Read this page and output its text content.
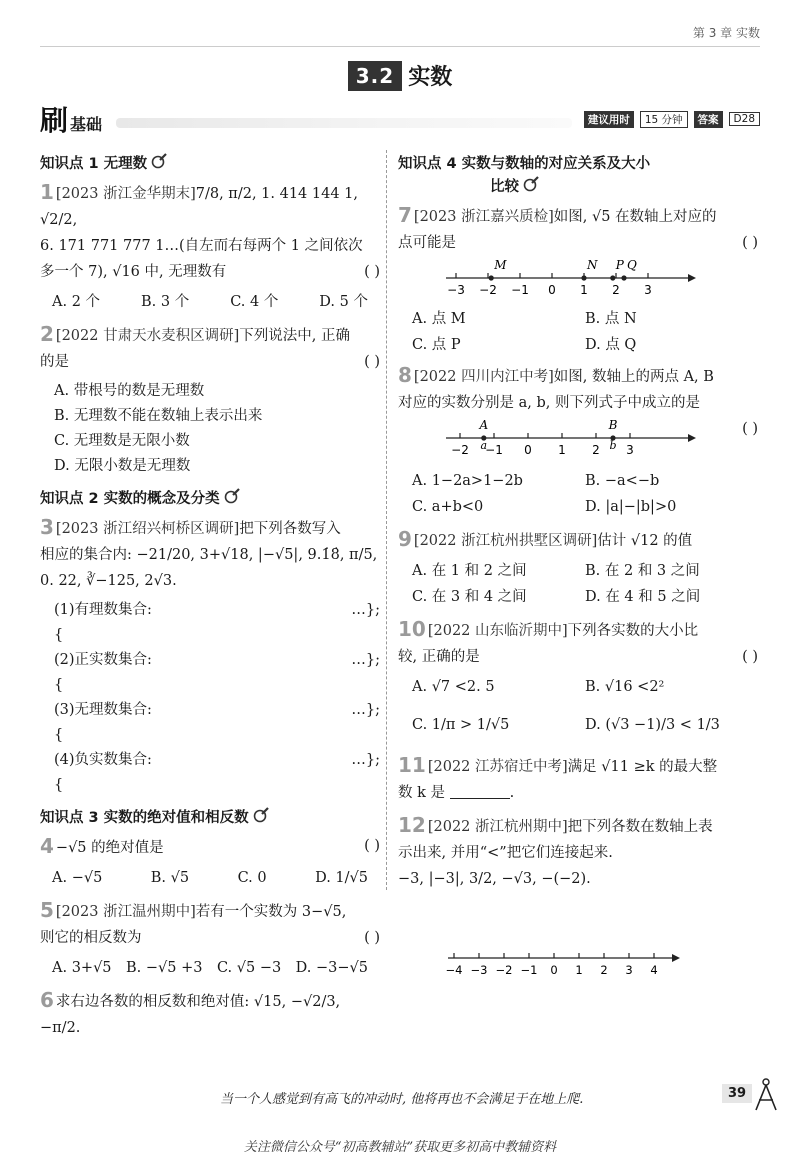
第 3 章 实数
3.2 实数
刷 基础	建议用时	15 分钟	答案	D28
知识点 1 无理数
1 [2023 浙江金华期末]7/8, π/2, 1. 414 144 1, √2/2,
6. 171 771 777 1…(自左而右每两个 1 之间依次
多一个 7), √16 中, 无理数有	( )
A. 2 个	B. 3 个	C. 4 个	D. 5 个
2 [2022 甘肃天水麦积区调研]下列说法中, 正确
的是	( )
A. 带根号的数是无理数
B. 无理数不能在数轴上表示出来
C. 无理数是无限小数
D. 无限小数是无理数
知识点 2 实数的概念及分类
3 [2023 浙江绍兴柯桥区调研]把下列各数写入
相应的集合内: −21/20, 3+√18, |−√5|, 9.1̇8̇, π/5,
0. 22, ∛−125, 2√3.
(1)有理数集合: {
…};
(2)正实数集合: {
…};
(3)无理数集合: {
…};
(4)负实数集合: {
…};
知识点 3 实数的绝对值和相反数
4 −√5 的绝对值是	( )
A. −√5	B. √5	C. 0	D. 1/√5
5 [2023 浙江温州期中]若有一个实数为 3−√5,
则它的相反数为	( )
A. 3+√5 B. −√5 +3 C. √5 −3 D. −3−√5
6 求右边各数的相反数和绝对值: √15, −√2/3, −π/2.
知识点 4 实数与数轴的对应关系及大小
比较
7 [2023 浙江嘉兴质检]如图, √5 在数轴上对应的
点可能是	( )
−3 −2 −1 0 1 2 3
M	N P Q
A. 点 M	B. 点 N
C. 点 P	D. 点 Q
8 [2022 四川内江中考]如图, 数轴上的两点 A, B
对应的实数分别是 a, b, 则下列式子中成立的是

( )
−2 −1 0 1 2 3
A
a
B
b
A. 1−2a>1−2b	B. −a<−b
C. a+b<0	D. |a|−|b|>0
9 [2022 浙江杭州拱墅区调研]估计 √12 的值
A. 在 1 和 2 之间	B. 在 2 和 3 之间
C. 在 3 和 4 之间	D. 在 4 和 5 之间
10 [2022 山东临沂期中]下列各实数的大小比
较, 正确的是	( )
A. √7 <2. 5	B. √16 <2²
C. 1/π > 1/√5	D. (√3 −1)/3 < 1/3
11 [2022 江苏宿迁中考]满足 √11 ≥k 的最大整
数 k 是	.
12 [2022 浙江杭州期中]把下列各数在数轴上表
示出来, 并用“<”把它们连接起来.
−3, |−3|, 3/2, −√3, −(−2).
−4 −3 −2 −1 0 1 2 3 4
当一个人感觉到有高飞的冲动时, 他将再也不会满足于在地上爬.	39
关注微信公众号“初高教辅站”获取更多初高中教辅资料
